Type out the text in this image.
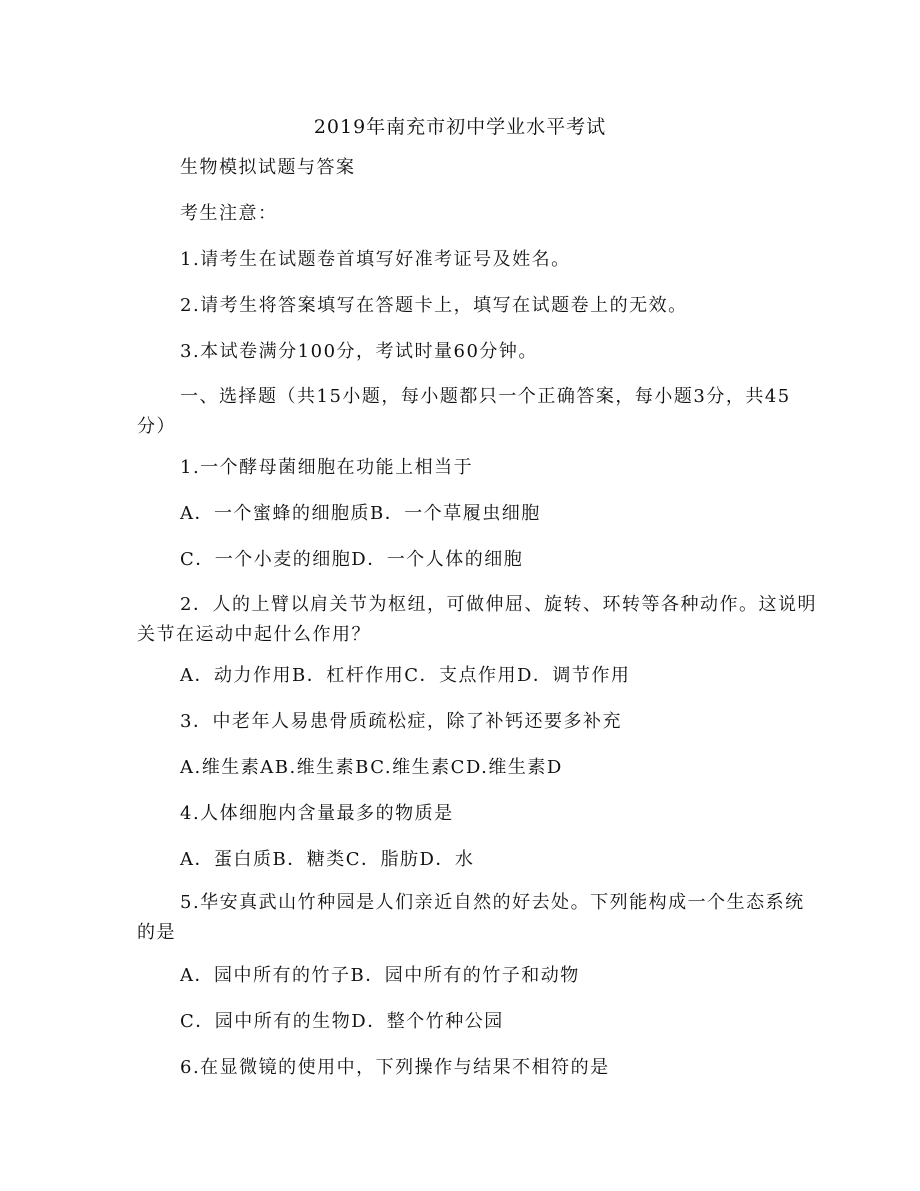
2019年南充市初中学业水平考试
生物模拟试题与答案
考生注意：
1.请考生在试题卷首填写好准考证号及姓名。
2.请考生将答案填写在答题卡上，填写在试题卷上的无效。
3.本试卷满分100分，考试时量60分钟。
一、选择题（共15小题，每小题都只一个正确答案，每小题3分，共45分）
1.一个酵母菌细胞在功能上相当于
A．一个蜜蜂的细胞质B．一个草履虫细胞
C．一个小麦的细胞D．一个人体的细胞
2．人的上臂以肩关节为枢纽，可做伸屈、旋转、环转等各种动作。这说明关节在运动中起什么作用？
A．动力作用B．杠杆作用C．支点作用D．调节作用
3．中老年人易患骨质疏松症，除了补钙还要多补充
A.维生素AB.维生素BC.维生素CD.维生素D
4.人体细胞内含量最多的物质是
A．蛋白质B．糖类C．脂肪D．水
5.华安真武山竹种园是人们亲近自然的好去处。下列能构成一个生态系统的是
A．园中所有的竹子B．园中所有的竹子和动物
C．园中所有的生物D．整个竹种公园
6.在显微镜的使用中，下列操作与结果不相符的是
